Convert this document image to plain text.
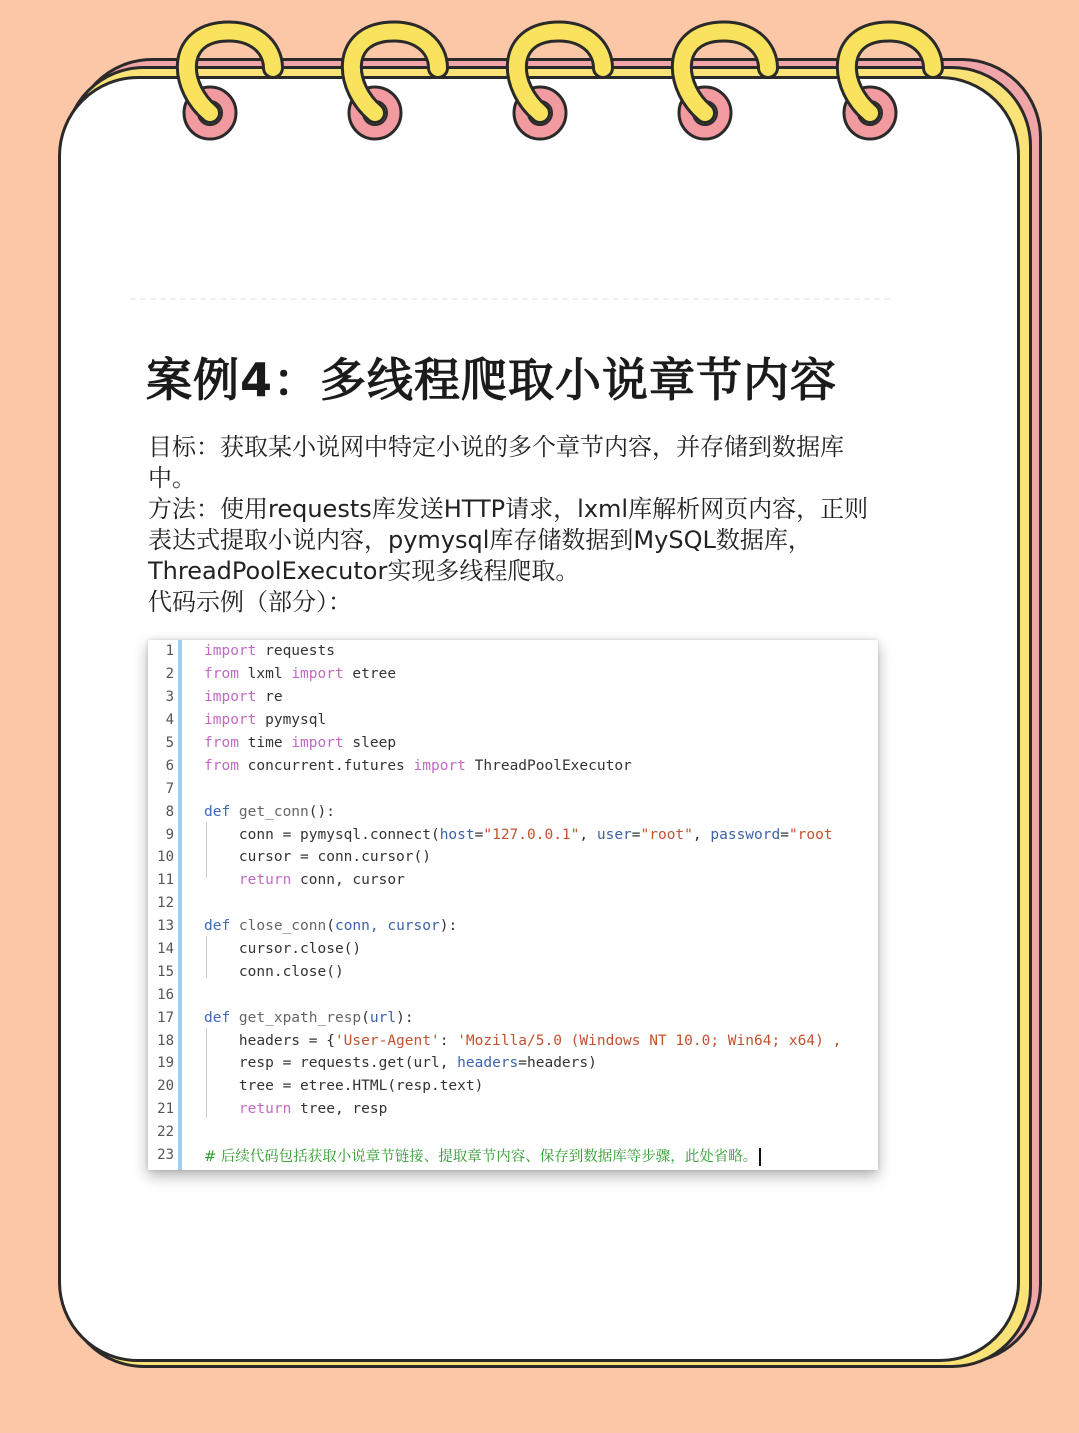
案例4：多线程爬取小说章节内容

目标：获取某小说网中特定小说的多个章节内容，并存储到数据库中。

方法：使用requests库发送HTTP请求，lxml库解析网页内容，正则表达式提取小说内容，pymysql库存储数据到MySQL数据库，ThreadPoolExecutor实现多线程爬取。

代码示例（部分）：

1 import requests
2 from lxml import etree
3 import re
4 import pymysql
5 from time import sleep
6 from concurrent.futures import ThreadPoolExecutor
7
8 def get_conn():
9 conn = pymysql.connect(host="127.0.0.1", user="root", password="root
10 cursor = conn.cursor()
11 return conn, cursor
12
13 def close_conn(conn, cursor):
14 cursor.close()
15 conn.close()
16
17 def get_xpath_resp(url):
18 headers = {'User-Agent': 'Mozilla/5.0 (Windows NT 10.0; Win64; x64) ,
19 resp = requests.get(url, headers=headers)
20 tree = etree.HTML(resp.text)
21 return tree, resp
22
23 # 后续代码包括获取小说章节链接、提取章节内容、保存到数据库等步骤，此处省略。
